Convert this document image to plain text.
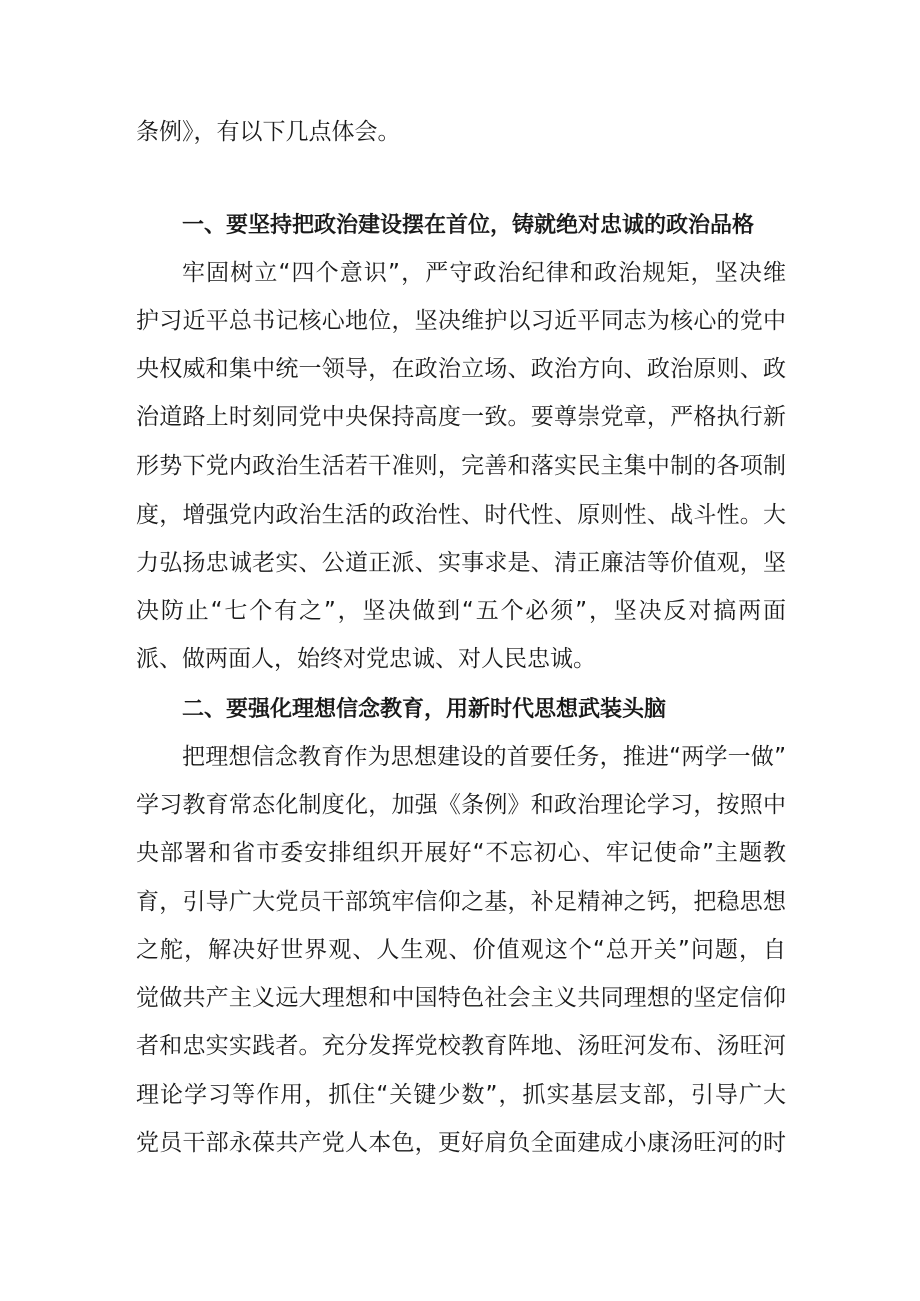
条例》，有以下几点体会。
一、要坚持把政治建设摆在首位，铸就绝对忠诚的政治品格
牢固树立“四个意识”，严守政治纪律和政治规矩，坚决维
护习近平总书记核心地位，坚决维护以习近平同志为核心的党中
央权威和集中统一领导，在政治立场、政治方向、政治原则、政
治道路上时刻同党中央保持高度一致。要尊崇党章，严格执行新
形势下党内政治生活若干准则，完善和落实民主集中制的各项制
度，增强党内政治生活的政治性、时代性、原则性、战斗性。大
力弘扬忠诚老实、公道正派、实事求是、清正廉洁等价值观，坚
决防止“七个有之”，坚决做到“五个必须”，坚决反对搞两面
派、做两面人，始终对党忠诚、对人民忠诚。
二、要强化理想信念教育，用新时代思想武装头脑
把理想信念教育作为思想建设的首要任务，推进“两学一做”
学习教育常态化制度化，加强《条例》和政治理论学习，按照中
央部署和省市委安排组织开展好“不忘初心、牢记使命”主题教
育，引导广大党员干部筑牢信仰之基，补足精神之钙，把稳思想
之舵，解决好世界观、人生观、价值观这个“总开关”问题，自
觉做共产主义远大理想和中国特色社会主义共同理想的坚定信仰
者和忠实实践者。充分发挥党校教育阵地、汤旺河发布、汤旺河
理论学习等作用，抓住“关键少数”，抓实基层支部，引导广大
党员干部永葆共产党人本色，更好肩负全面建成小康汤旺河的时
